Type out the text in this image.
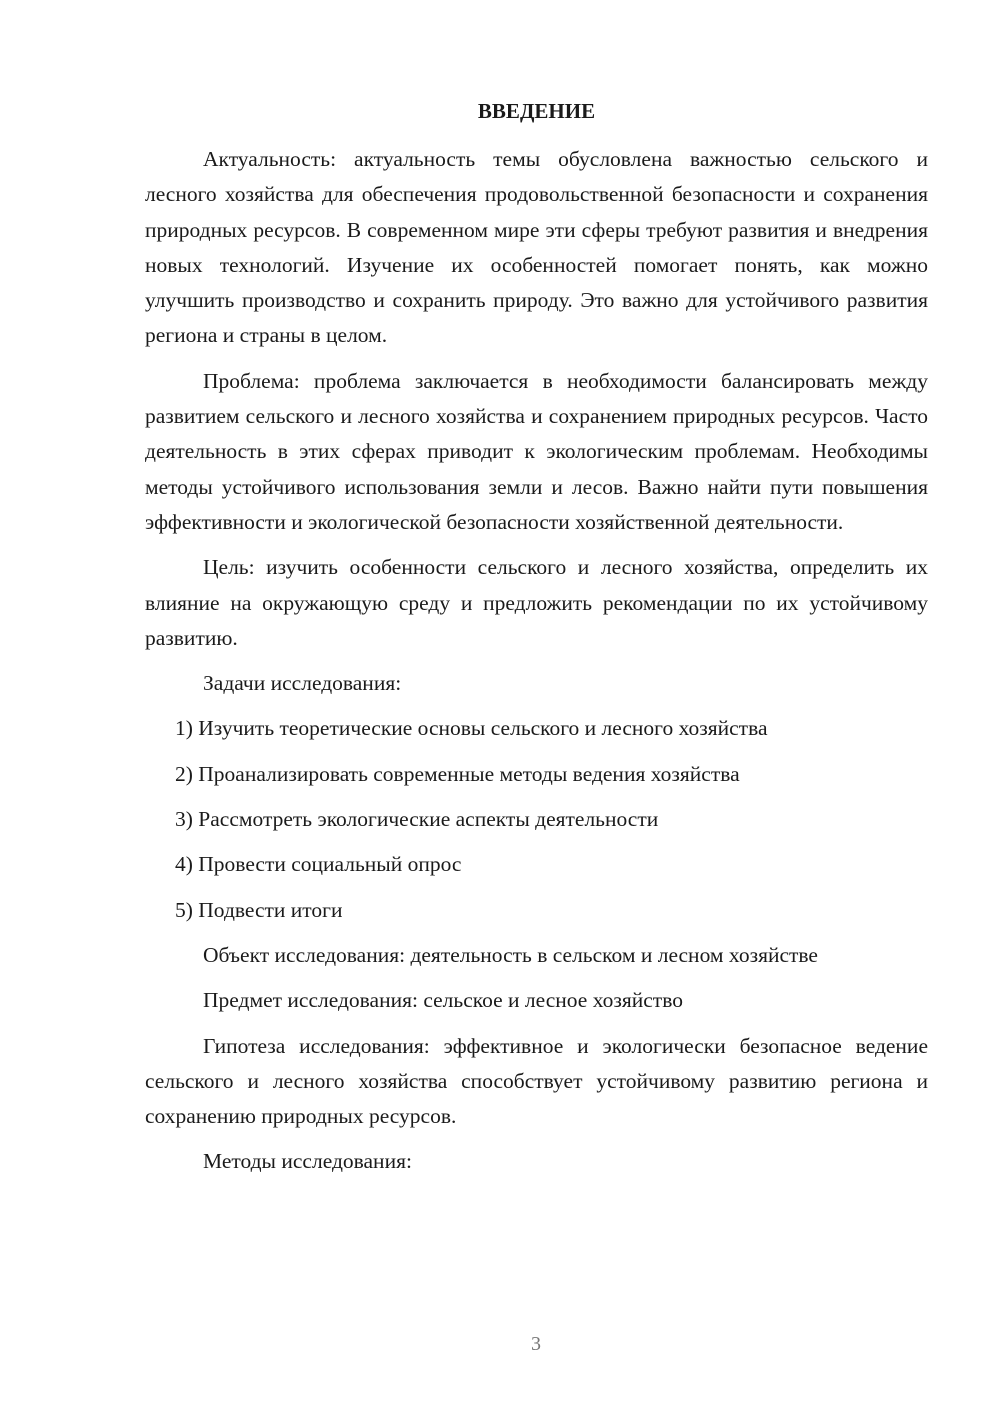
ВВЕДЕНИЕ

Актуальность: актуальность темы обусловлена важностью сельского и лесного хозяйства для обеспечения продовольственной безопасности и сохранения природных ресурсов. В современном мире эти сферы требуют развития и внедрения новых технологий. Изучение их особенностей помогает понять, как можно улучшить производство и сохранить природу. Это важно для устойчивого развития региона и страны в целом.

Проблема: проблема заключается в необходимости балансировать между развитием сельского и лесного хозяйства и сохранением природных ресурсов. Часто деятельность в этих сферах приводит к экологическим проблемам. Необходимы методы устойчивого использования земли и лесов. Важно найти пути повышения эффективности и экологической безопасности хозяйственной деятельности.

Цель: изучить особенности сельского и лесного хозяйства, определить их влияние на окружающую среду и предложить рекомендации по их устойчивому развитию.

Задачи исследования:

1) Изучить теоретические основы сельского и лесного хозяйства

2) Проанализировать современные методы ведения хозяйства

3) Рассмотреть экологические аспекты деятельности

4) Провести социальный опрос

5) Подвести итоги

Объект исследования: деятельность в сельском и лесном хозяйстве

Предмет исследования: сельское и лесное хозяйство

Гипотеза исследования: эффективное и экологически безопасное ведение сельского и лесного хозяйства способствует устойчивому развитию региона и сохранению природных ресурсов.

Методы исследования:

3
